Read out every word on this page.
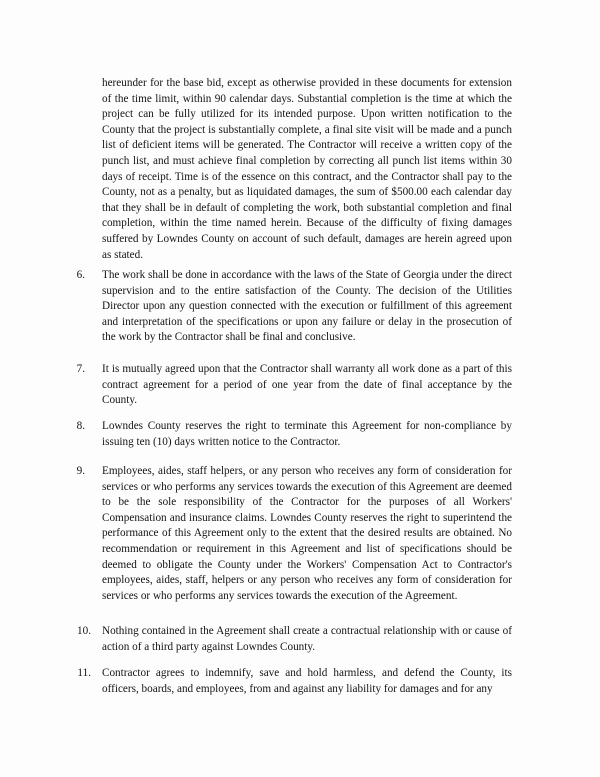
hereunder for the base bid, except as otherwise provided in these documents for extension of the time limit, within 90 calendar days. Substantial completion is the time at which the project can be fully utilized for its intended purpose. Upon written notification to the County that the project is substantially complete, a final site visit will be made and a punch list of deficient items will be generated. The Contractor will receive a written copy of the punch list, and must achieve final completion by correcting all punch list items within 30 days of receipt. Time is of the essence on this contract, and the Contractor shall pay to the County, not as a penalty, but as liquidated damages, the sum of $500.00 each calendar day that they shall be in default of completing the work, both substantial completion and final completion, within the time named herein. Because of the difficulty of fixing damages suffered by Lowndes County on account of such default, damages are herein agreed upon as stated.

6. The work shall be done in accordance with the laws of the State of Georgia under the direct supervision and to the entire satisfaction of the County. The decision of the Utilities Director upon any question connected with the execution or fulfillment of this agreement and interpretation of the specifications or upon any failure or delay in the prosecution of the work by the Contractor shall be final and conclusive.

7. It is mutually agreed upon that the Contractor shall warranty all work done as a part of this contract agreement for a period of one year from the date of final acceptance by the County.

8. Lowndes County reserves the right to terminate this Agreement for non-compliance by issuing ten (10) days written notice to the Contractor.

9. Employees, aides, staff helpers, or any person who receives any form of consideration for services or who performs any services towards the execution of this Agreement are deemed to be the sole responsibility of the Contractor for the purposes of all Workers' Compensation and insurance claims. Lowndes County reserves the right to superintend the performance of this Agreement only to the extent that the desired results are obtained. No recommendation or requirement in this Agreement and list of specifications should be deemed to obligate the County under the Workers' Compensation Act to Contractor's employees, aides, staff, helpers or any person who receives any form of consideration for services or who performs any services towards the execution of the Agreement.

10. Nothing contained in the Agreement shall create a contractual relationship with or cause of action of a third party against Lowndes County.

11. Contractor agrees to indemnify, save and hold harmless, and defend the County, its officers, boards, and employees, from and against any liability for damages and for any
